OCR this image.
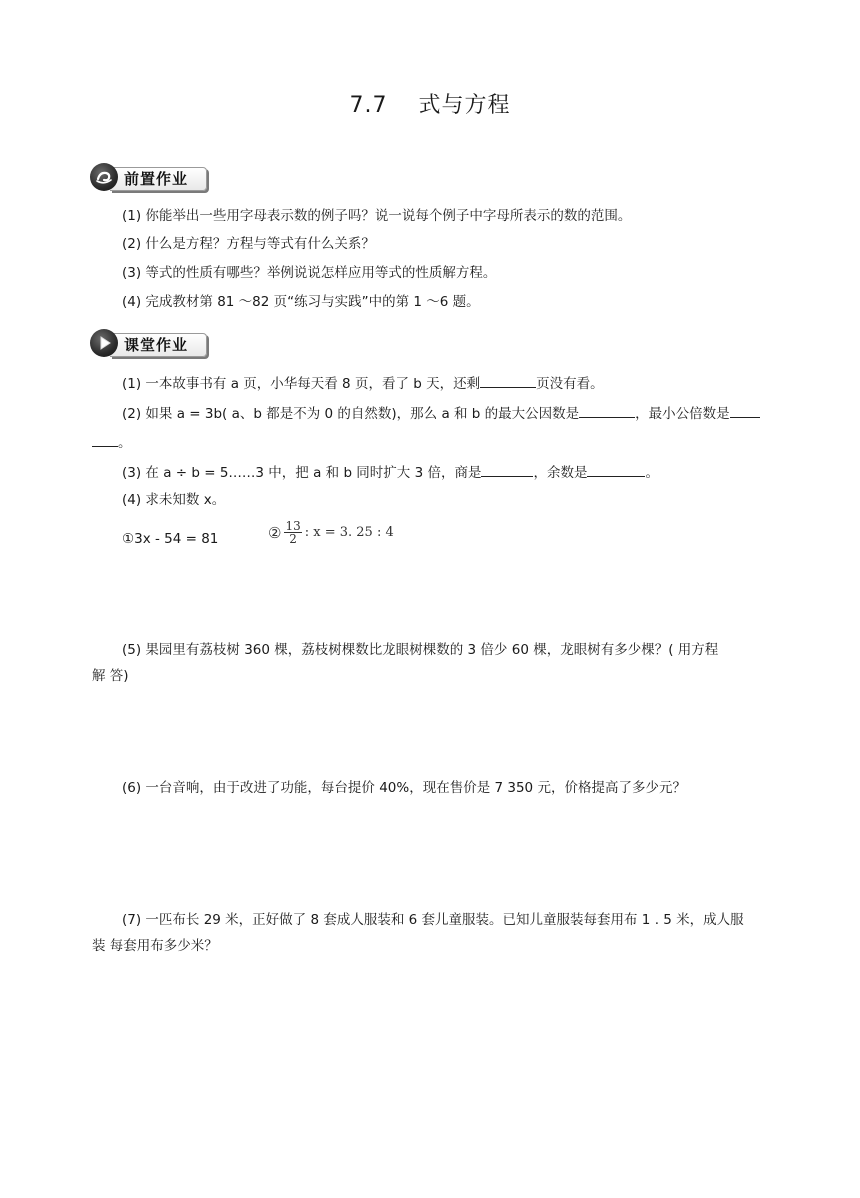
7.7　 式与方程
前置作业
(1) 你能举出一些用字母表示数的例子吗？说一说每个例子中字母所表示的数的范围。
(2) 什么是方程？方程与等式有什么关系？
(3) 等式的性质有哪些？举例说说怎样应用等式的性质解方程。
(4) 完成教材第 81 ～82 页“练习与实践”中的第 1 ～6 题。
课堂作业
(1) 一本故事书有 a 页，小华每天看 8 页，看了 b 天，还剩	页没有看。
(2) 如果 a = 3b( a、b 都是不为 0 的自然数)，那么 a 和 b 的最大公因数是	，最小公倍数是
。
(3) 在 a ÷ b = 5……3 中，把 a 和 b 同时扩大 3 倍，商是	，余数是	。
(4) 求未知数 x。
①3x - 54 = 81	② $\frac{13}{2}$ : x = 3. 25 : 4
(5) 果园里有荔枝树 360 棵，荔枝树棵数比龙眼树棵数的 3 倍少 60 棵，龙眼树有多少棵？( 用方程
解 答)
(6) 一台音响，由于改进了功能，每台提价 40%，现在售价是 7 350 元，价格提高了多少元？
(7) 一匹布长 29 米，正好做了 8 套成人服装和 6 套儿童服装。已知儿童服装每套用布 1 . 5 米，成人服
装 每套用布多少米？
